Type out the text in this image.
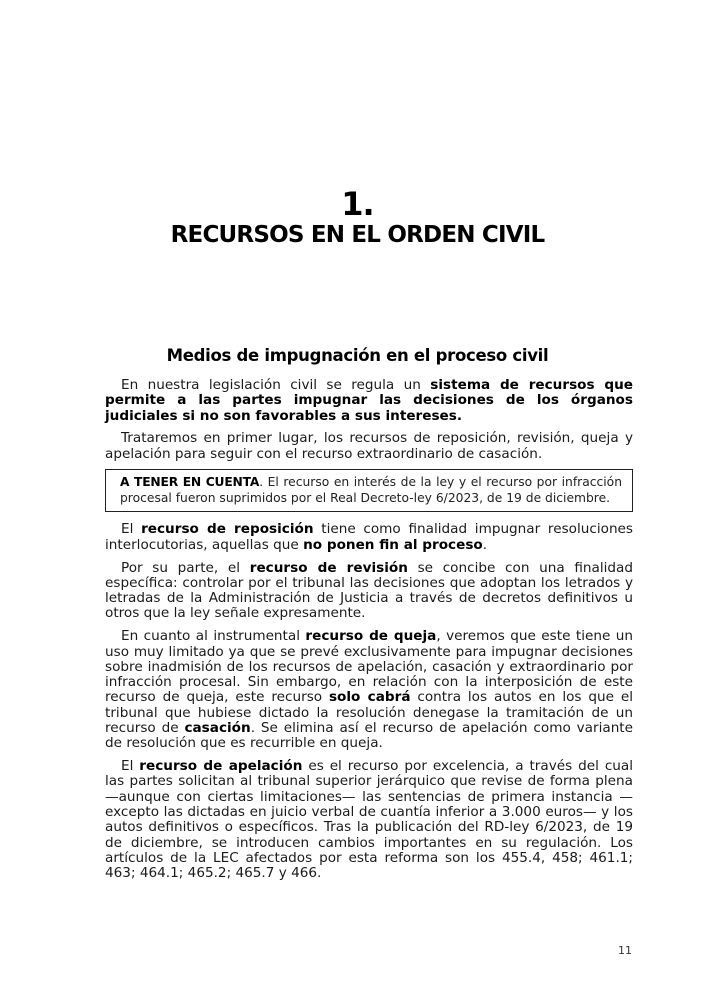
1.
RECURSOS EN EL ORDEN CIVIL
Medios de impugnación en el proceso civil

En nuestra legislación civil se regula un sistema de recursos que permite a las partes impugnar las decisiones de los órganos judiciales si no son favorables a sus intereses.

Trataremos en primer lugar, los recursos de reposición, revisión, queja y apelación para seguir con el recurso extraordinario de casación.

A TENER EN CUENTA. El recurso en interés de la ley y el recurso por infracción procesal fueron suprimidos por el Real Decreto-ley 6/2023, de 19 de diciembre.

El recurso de reposición tiene como finalidad impugnar resoluciones interlocutorias, aquellas que no ponen fin al proceso.

Por su parte, el recurso de revisión se concibe con una finalidad específica: controlar por el tribunal las decisiones que adoptan los letrados y letradas de la Administración de Justicia a través de decretos definitivos u otros que la ley señale expresamente.

En cuanto al instrumental recurso de queja, veremos que este tiene un uso muy limitado ya que se prevé exclusivamente para impugnar decisiones sobre inadmisión de los recursos de apelación, casación y extraordinario por infracción procesal. Sin embargo, en relación con la interposición de este recurso de queja, este recurso solo cabrá contra los autos en los que el tribunal que hubiese dictado la resolución denegase la tramitación de un recurso de casación. Se elimina así el recurso de apelación como variante de resolución que es recurrible en queja.

El recurso de apelación es el recurso por excelencia, a través del cual las partes solicitan al tribunal superior jerárquico que revise de forma plena —aunque con ciertas limitaciones— las sentencias de primera instancia —excepto las dictadas en juicio verbal de cuantía inferior a 3.000 euros— y los autos definitivos o específicos. Tras la publicación del RD-ley 6/2023, de 19 de diciembre, se introducen cambios importantes en su regulación. Los artículos de la LEC afectados por esta reforma son los 455.4, 458; 461.1; 463; 464.1; 465.2; 465.7 y 466.

11
